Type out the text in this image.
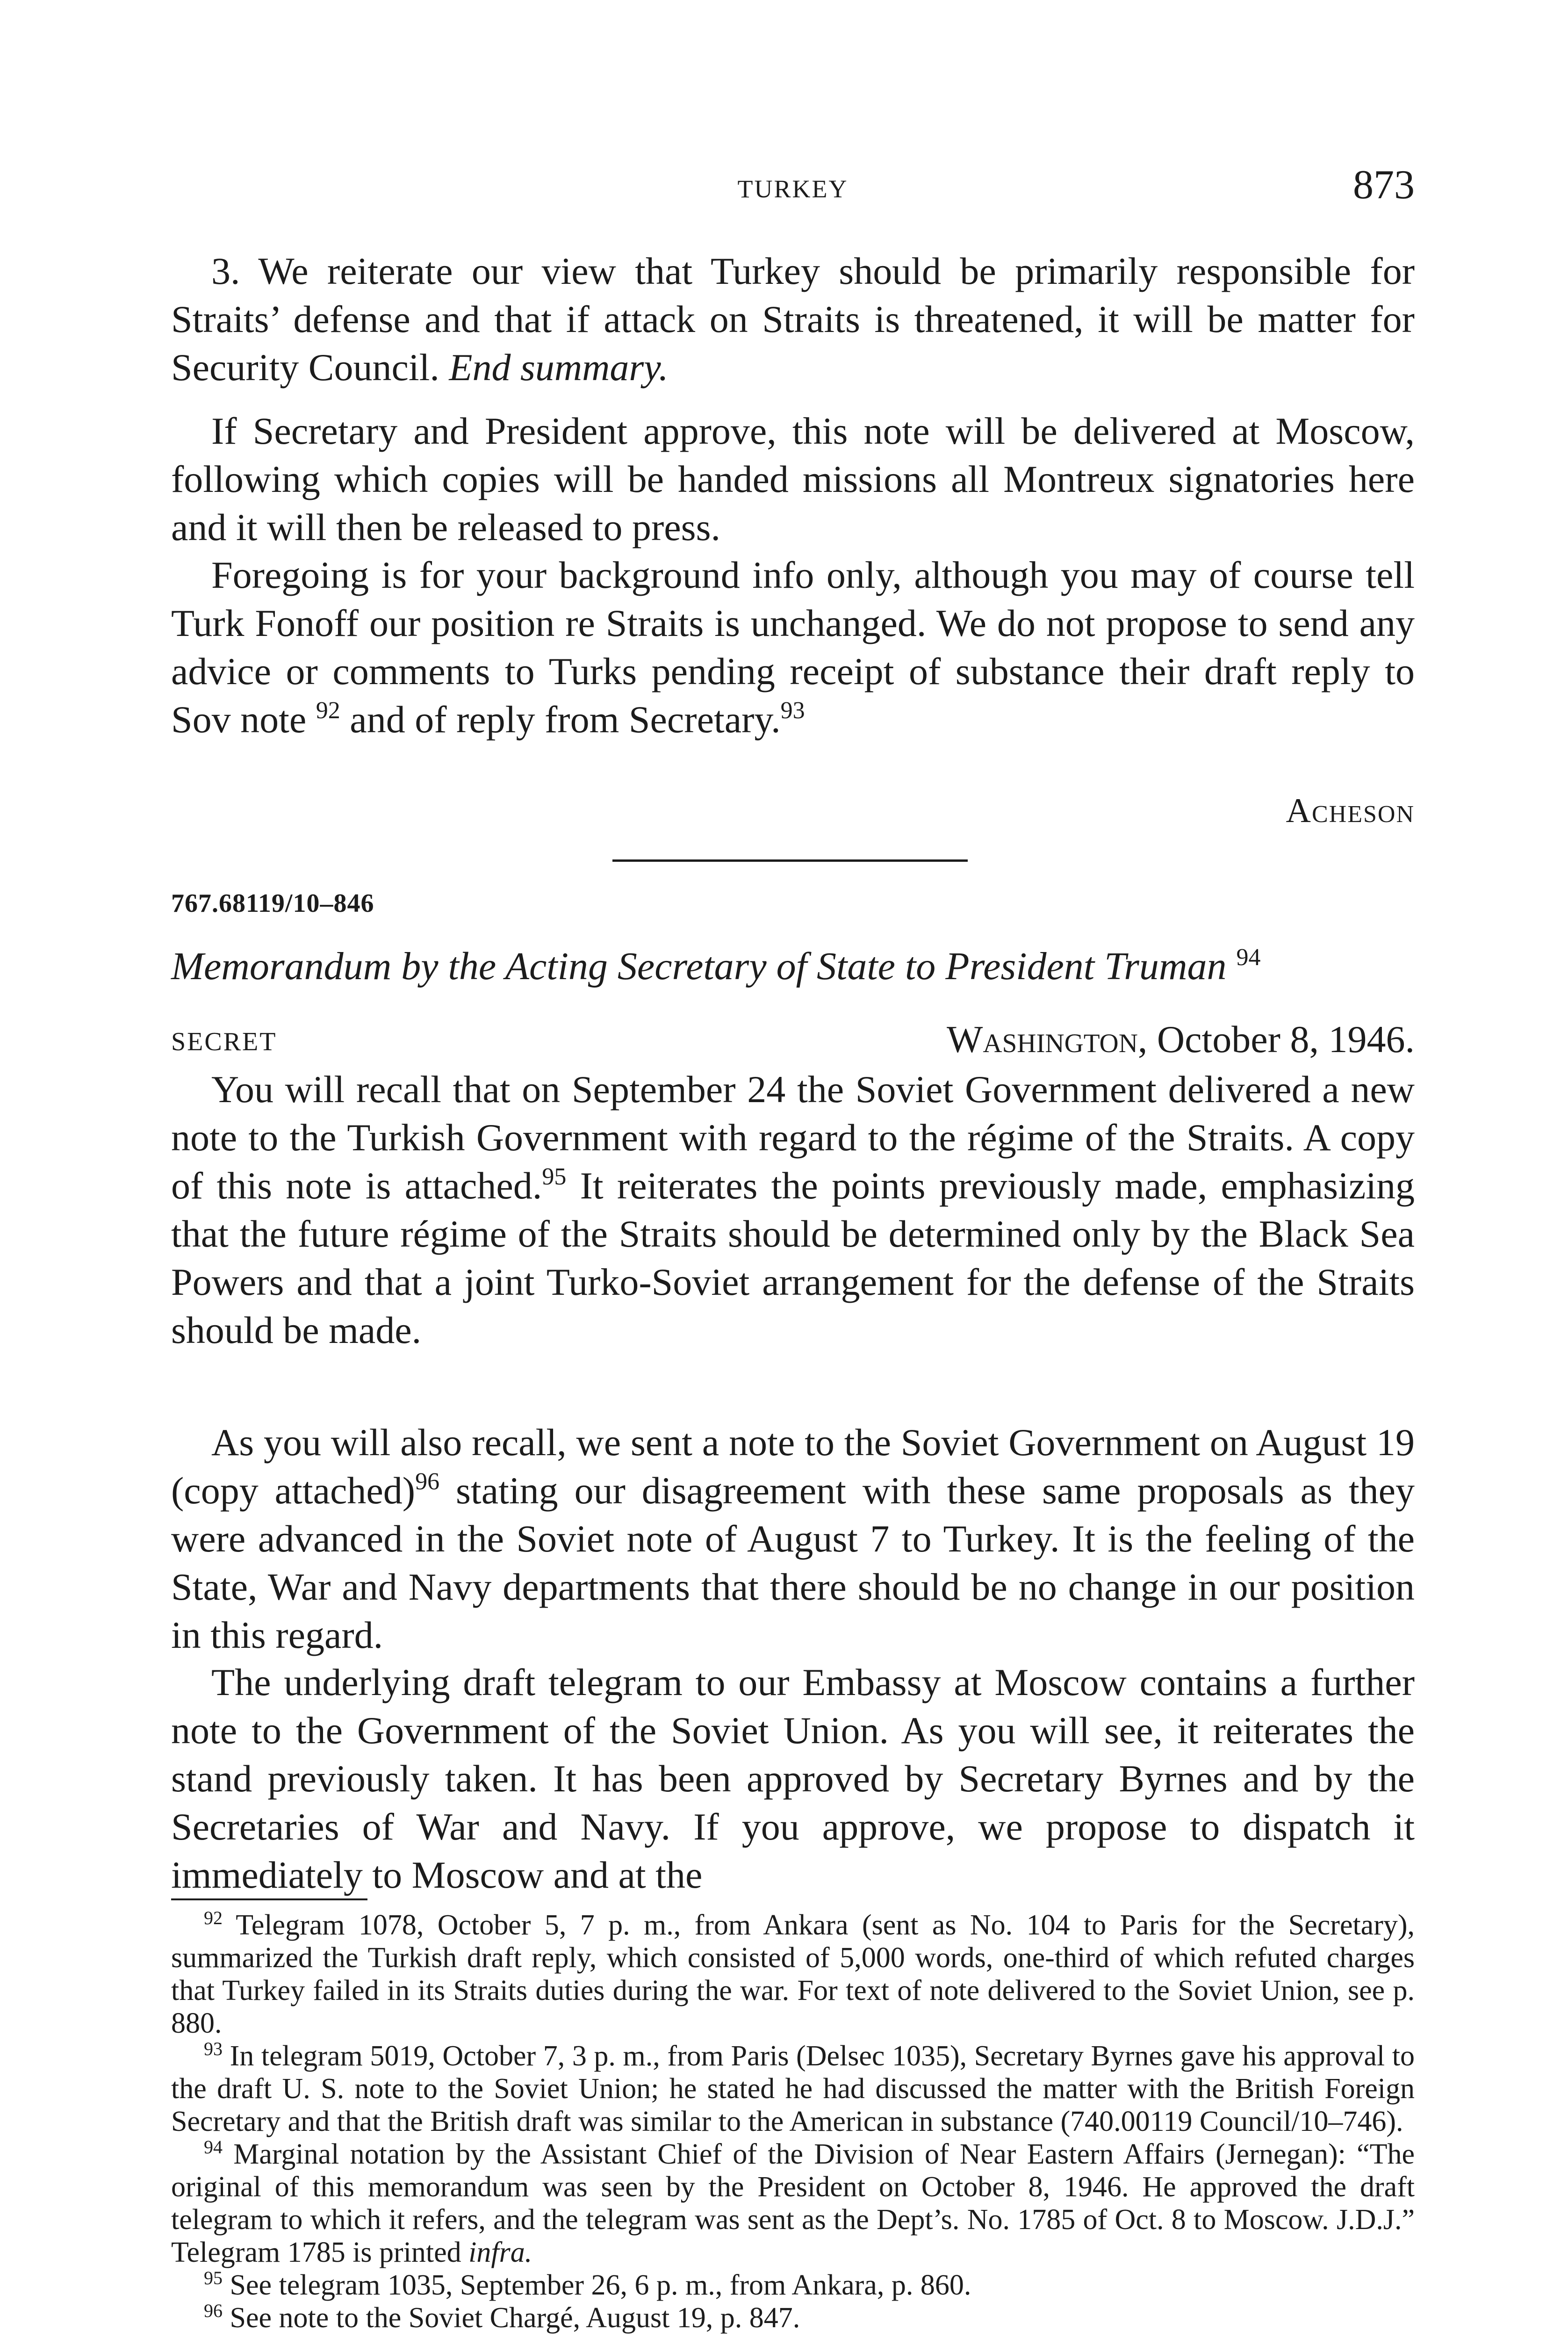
TURKEY	873

3. We reiterate our view that Turkey should be primarily responsible for Straits’ defense and that if attack on Straits is threatened, it will be matter for Security Council. End summary.

If Secretary and President approve, this note will be delivered at Moscow, following which copies will be handed missions all Montreux signatories here and it will then be released to press.

Foregoing is for your background info only, although you may of course tell Turk Fonoff our position re Straits is unchanged. We do not propose to send any advice or comments to Turks pending receipt of substance their draft reply to Sov note $^{92}$ and of reply from Secretary.$^{93}$

Acheson
767.68119/10–846
Memorandum by the Acting Secretary of State to President Truman $^{94}$
SECRET	Washington, October 8, 1946.

You will recall that on September 24 the Soviet Government delivered a new note to the Turkish Government with regard to the régime of the Straits. A copy of this note is attached.$^{95}$ It reiterates the points previously made, emphasizing that the future régime of the Straits should be determined only by the Black Sea Powers and that a joint Turko-Soviet arrangement for the defense of the Straits should be made.

As you will also recall, we sent a note to the Soviet Government on August 19 (copy attached)$^{96}$ stating our disagreement with these same proposals as they were advanced in the Soviet note of August 7 to Turkey. It is the feeling of the State, War and Navy departments that there should be no change in our position in this regard.

The underlying draft telegram to our Embassy at Moscow contains a further note to the Government of the Soviet Union. As you will see, it reiterates the stand previously taken. It has been approved by Secretary Byrnes and by the Secretaries of War and Navy. If you approve, we propose to dispatch it immediately to Moscow and at the

$^{92}$ Telegram 1078, October 5, 7 p. m., from Ankara (sent as No. 104 to Paris for the Secretary), summarized the Turkish draft reply, which consisted of 5,000 words, one-third of which refuted charges that Turkey failed in its Straits duties during the war. For text of note delivered to the Soviet Union, see p. 880.

$^{93}$ In telegram 5019, October 7, 3 p. m., from Paris (Delsec 1035), Secretary Byrnes gave his approval to the draft U. S. note to the Soviet Union; he stated he had discussed the matter with the British Foreign Secretary and that the British draft was similar to the American in substance (740.00119 Council/10–746).

$^{94}$ Marginal notation by the Assistant Chief of the Division of Near Eastern Affairs (Jernegan): “The original of this memorandum was seen by the President on October 8, 1946. He approved the draft telegram to which it refers, and the telegram was sent as the Dept’s. No. 1785 of Oct. 8 to Moscow. J.D.J.” Telegram 1785 is printed infra.

$^{95}$ See telegram 1035, September 26, 6 p. m., from Ankara, p. 860.

$^{96}$ See note to the Soviet Chargé, August 19, p. 847.
